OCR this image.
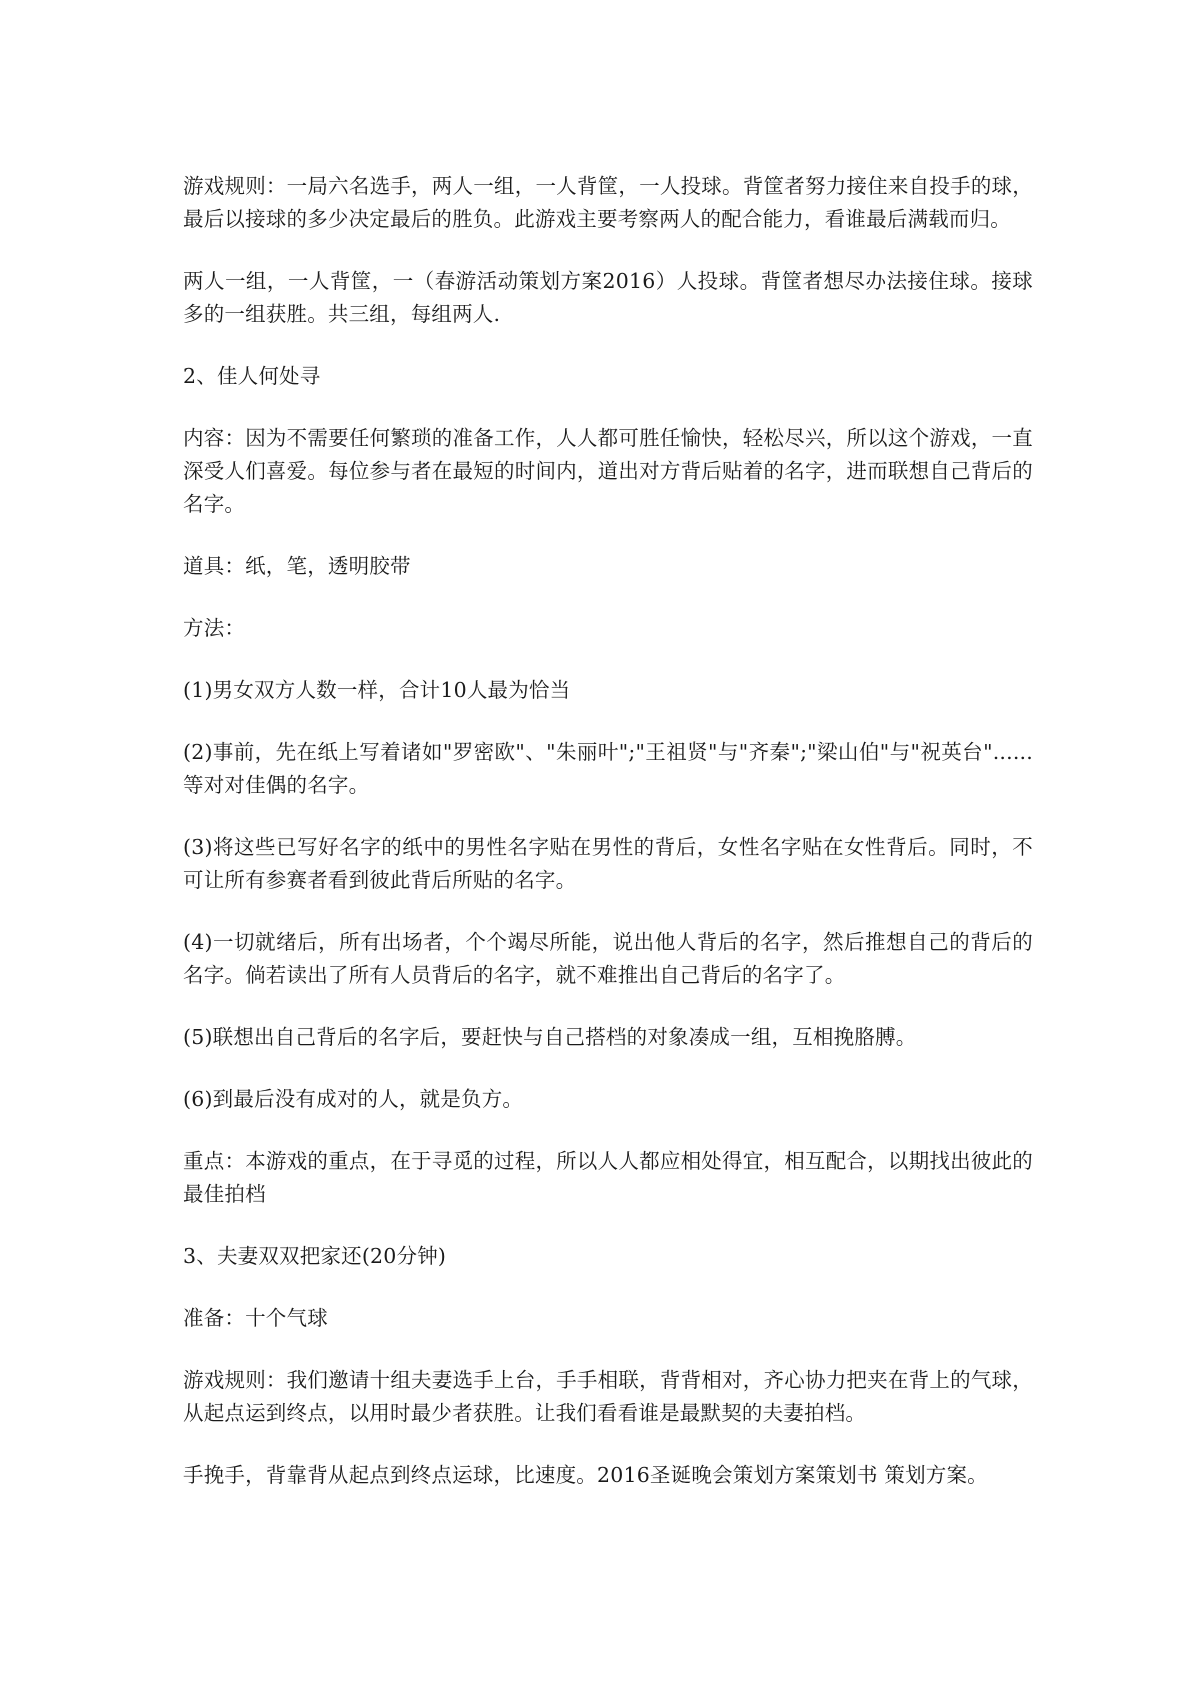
游戏规则：一局六名选手，两人一组，一人背筐，一人投球。背筐者努力接住来自投手的球，最后以接球的多少决定最后的胜负。此游戏主要考察两人的配合能力，看谁最后满载而归。

两人一组，一人背筐，一（春游活动策划方案2016）人投球。背筐者想尽办法接住球。接球多的一组获胜。共三组，每组两人.

2、佳人何处寻

内容：因为不需要任何繁琐的准备工作，人人都可胜任愉快，轻松尽兴，所以这个游戏，一直深受人们喜爱。每位参与者在最短的时间内，道出对方背后贴着的名字，进而联想自己背后的名字。

道具：纸，笔，透明胶带

方法：

(1)男女双方人数一样，合计10人最为恰当

(2)事前，先在纸上写着诸如"罗密欧"、"朱丽叶";"王祖贤"与"齐秦";"梁山伯"与"祝英台"......等对对佳偶的名字。

(3)将这些已写好名字的纸中的男性名字贴在男性的背后，女性名字贴在女性背后。同时，不可让所有参赛者看到彼此背后所贴的名字。

(4)一切就绪后，所有出场者，个个竭尽所能，说出他人背后的名字，然后推想自己的背后的名字。倘若读出了所有人员背后的名字，就不难推出自己背后的名字了。

(5)联想出自己背后的名字后，要赶快与自己搭档的对象凑成一组，互相挽胳膊。

(6)到最后没有成对的人，就是负方。

重点：本游戏的重点，在于寻觅的过程，所以人人都应相处得宜，相互配合，以期找出彼此的最佳拍档

3、夫妻双双把家还(20分钟)

准备：十个气球

游戏规则：我们邀请十组夫妻选手上台，手手相联，背背相对，齐心协力把夹在背上的气球，从起点运到终点，以用时最少者获胜。让我们看看谁是最默契的夫妻拍档。

手挽手，背靠背从起点到终点运球，比速度。2016圣诞晚会策划方案策划书 策划方案。
